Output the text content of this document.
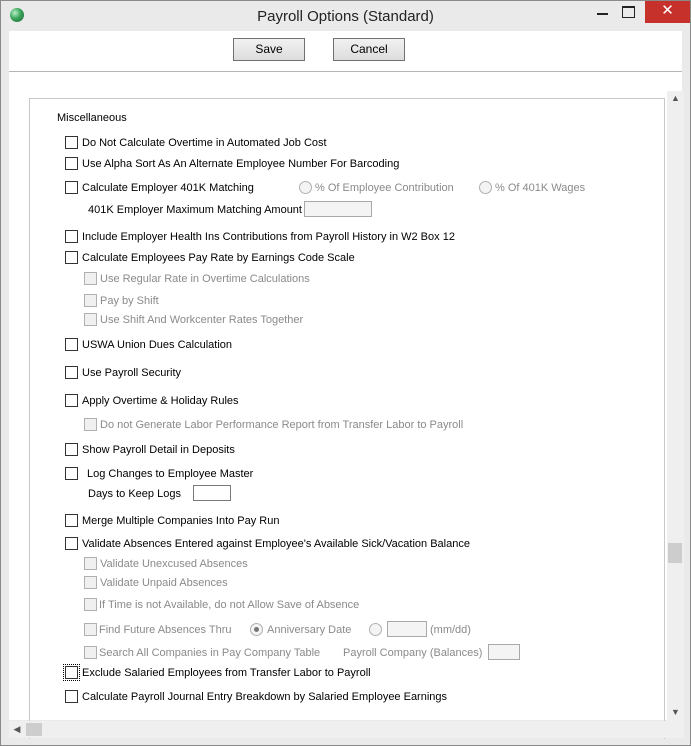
Payroll Options (Standard)	✕
Save	Cancel
Miscellaneous
Do Not Calculate Overtime in Automated Job Cost
Use Alpha Sort As An Alternate Employee Number For Barcoding
Calculate Employer 401K Matching	% Of Employee Contribution	% Of 401K Wages
401K Employer Maximum Matching Amount
Include Employer Health Ins Contributions from Payroll History in W2 Box 12
Calculate Employees Pay Rate by Earnings Code Scale
Use Regular Rate in Overtime Calculations
Pay by Shift
Use Shift And Workcenter Rates Together
USWA Union Dues Calculation
Use Payroll Security
Apply Overtime & Holiday Rules
Do not Generate Labor Performance Report from Transfer Labor to Payroll
Show Payroll Detail in Deposits
Log Changes to Employee Master
Days to Keep Logs
Merge Multiple Companies Into Pay Run
Validate Absences Entered against Employee's Available Sick/Vacation Balance
Validate Unexcused Absences
Validate Unpaid Absences
If Time is not Available, do not Allow Save of Absence
Find Future Absences Thru	Anniversary Date	(mm/dd)
Search All Companies in Pay Company Table Payroll Company (Balances)
Exclude Salaried Employees from Transfer Labor to Payroll
Calculate Payroll Journal Entry Breakdown by Salaried Employee Earnings
▲
▼
◀
